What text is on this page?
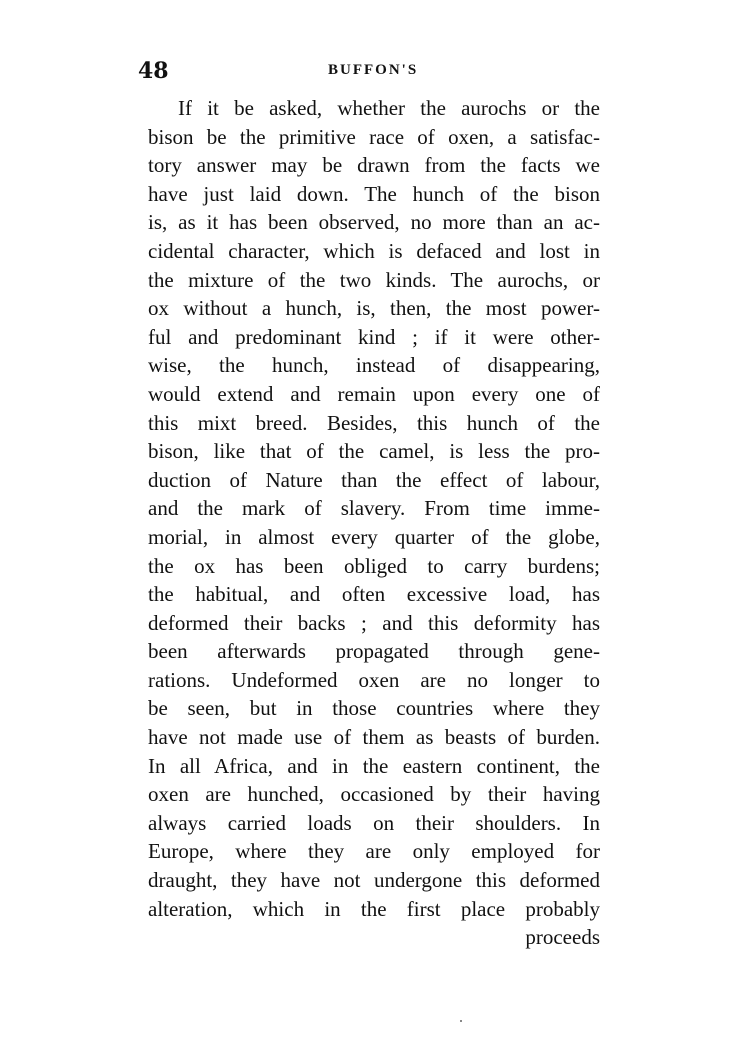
48	BUFFON'S
If it be asked, whether the aurochs or the
bison be the primitive race of oxen, a satisfac-
tory answer may be drawn from the facts we
have just laid down. The hunch of the bison
is, as it has been observed, no more than an ac-
cidental character, which is defaced and lost in
the mixture of the two kinds. The aurochs, or
ox without a hunch, is, then, the most power-
ful and predominant kind ; if it were other-
wise, the hunch, instead of disappearing,
would extend and remain upon every one of
this mixt breed. Besides, this hunch of the
bison, like that of the camel, is less the pro-
duction of Nature than the effect of labour,
and the mark of slavery. From time imme-
morial, in almost every quarter of the globe,
the ox has been obliged to carry burdens;
the habitual, and often excessive load, has
deformed their backs ; and this deformity has
been afterwards propagated through gene-
rations. Undeformed oxen are no longer to
be seen, but in those countries where they
have not made use of them as beasts of burden.
In all Africa, and in the eastern continent, the
oxen are hunched, occasioned by their having
always carried loads on their shoulders. In
Europe, where they are only employed for
draught, they have not undergone this deformed
alteration, which in the first place probably
proceeds
